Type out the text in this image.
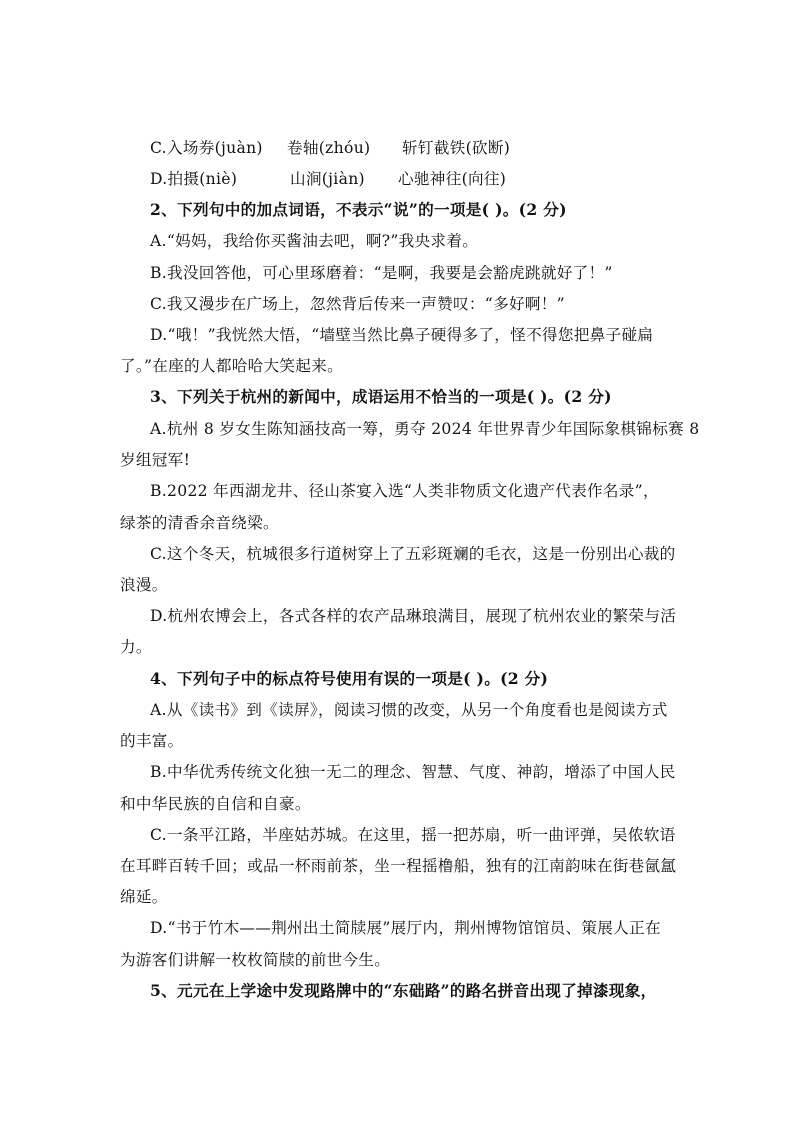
C.入场券(juàn) 卷轴(zhóu) 斩钉截铁(砍断)

D.拍摄(niè)	山涧(jiàn) 心驰神往(向往)

2、下列句中的加点词语，不表示“说”的一项是( )。(2 分)

A.“妈妈，我给你买酱油去吧，啊?”我央求着。

B.我没回答他，可心里琢磨着：“是啊，我要是会豁虎跳就好了！”

C.我又漫步在广场上，忽然背后传来一声赞叹：“多好啊！”

D.“哦！”我恍然大悟，“墙壁当然比鼻子硬得多了，怪不得您把鼻子碰扁

了。”在座的人都哈哈大笑起来。

3、下列关于杭州的新闻中，成语运用不恰当的一项是( )。(2 分)

A.杭州 8 岁女生陈知涵技高一筹，勇夺 2024 年世界青少年国际象棋锦标赛 8

岁组冠军!

B.2022 年西湖龙井、径山茶宴入选“人类非物质文化遗产代表作名录”，

绿茶的清香余音绕梁。

C.这个冬天，杭城很多行道树穿上了五彩斑斓的毛衣，这是一份别出心裁的

浪漫。

D.杭州农博会上，各式各样的农产品琳琅满目，展现了杭州农业的繁荣与活

力。

4、下列句子中的标点符号使用有误的一项是( )。(2 分)

A.从《读书》到《读屏》，阅读习惯的改变，从另一个角度看也是阅读方式

的丰富。

B.中华优秀传统文化独一无二的理念、智慧、气度、神韵，增添了中国人民

和中华民族的自信和自豪。

C.一条平江路，半座姑苏城。在这里，摇一把苏扇，听一曲评弹，吴侬软语

在耳畔百转千回；或品一杯雨前茶，坐一程摇橹船，独有的江南韵味在街巷氤氲

绵延。

D.“书于竹木——荆州出土简牍展”展厅内，荆州博物馆馆员、策展人正在

为游客们讲解一枚枚简牍的前世今生。

5、元元在上学途中发现路牌中的“东础路”的路名拼音出现了掉漆现象，
